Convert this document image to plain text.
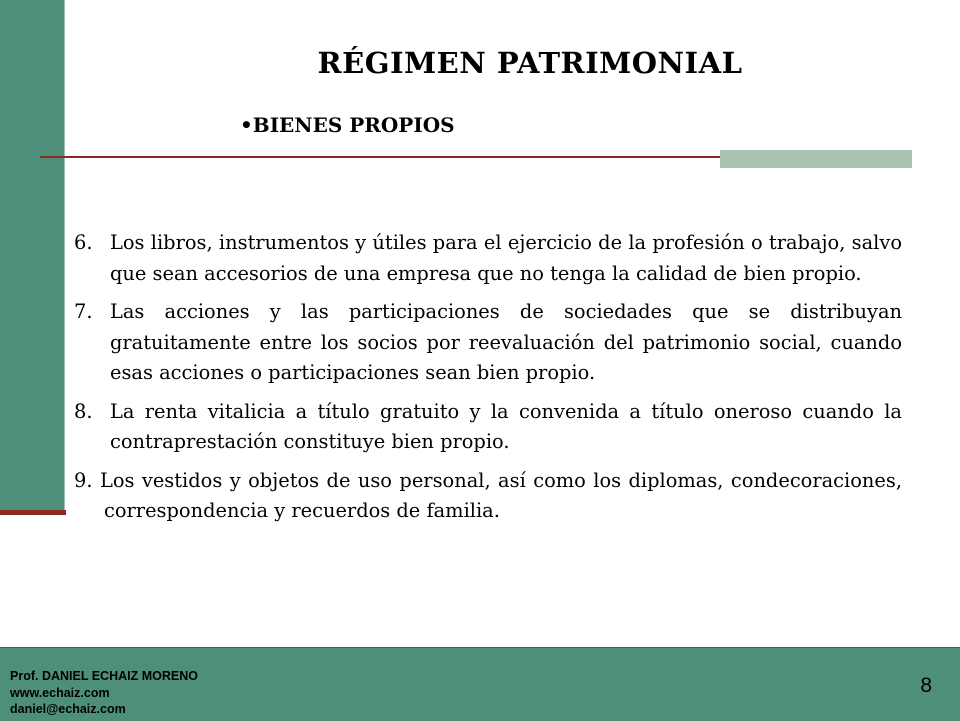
RÉGIMEN PATRIMONIAL
•BIENES PROPIOS
6. Los libros, instrumentos y útiles para el ejercicio de la profesión o trabajo, salvo que sean accesorios de una empresa que no tenga la calidad de bien propio.
7. Las acciones y las participaciones de sociedades que se distribuyan gratuitamente entre los socios por reevaluación del patrimonio social, cuando esas acciones o participaciones sean bien propio.
8. La renta vitalicia a título gratuito y la convenida a título oneroso cuando la contraprestación constituye bien propio.
9. Los vestidos y objetos de uso personal, así como los diplomas, condecoraciones, correspondencia y recuerdos de familia.
Prof. DANIEL ECHAIZ MORENO
www.echaiz.com
daniel@echaiz.com
8
